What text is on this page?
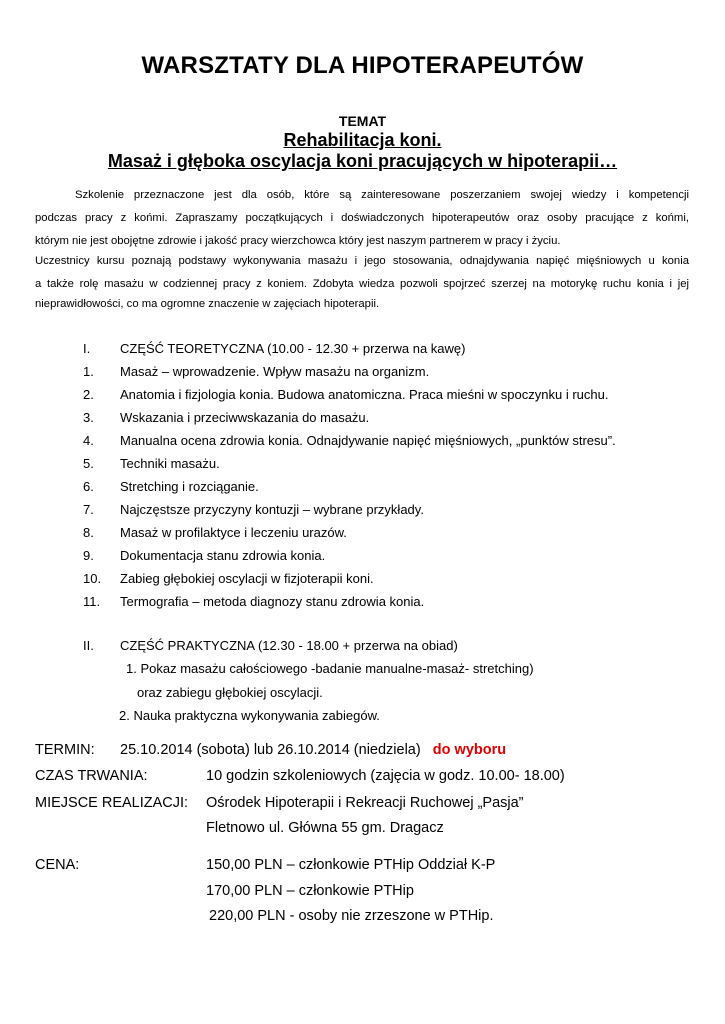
WARSZTATY DLA HIPOTERAPEUTÓW
TEMAT
Rehabilitacja koni.
Masaż i głęboka oscylacja koni pracujących w hipoterapii…
Szkolenie przeznaczone jest dla osób, które są zainteresowane poszerzaniem swojej wiedzy i kompetencji
podczas pracy z końmi. Zapraszamy początkujących i doświadczonych hipoterapeutów oraz osoby pracujące z końmi,
którym nie jest obojętne zdrowie i jakość pracy wierzchowca który jest naszym partnerem w pracy i życiu.
Uczestnicy kursu poznają podstawy wykonywania masażu i jego stosowania, odnajdywania napięć mięśniowych u konia
a także rolę masażu w codziennej pracy z koniem. Zdobyta wiedza pozwoli spojrzeć szerzej na motorykę ruchu konia i jej
nieprawidłowości, co ma ogromne znaczenie w zajęciach hipoterapii.
I. CZĘŚĆ TEORETYCZNA (10.00 - 12.30 + przerwa na kawę)
1. Masaż – wprowadzenie. Wpływ masażu na organizm.
2. Anatomia i fizjologia konia. Budowa anatomiczna. Praca mieśni w spoczynku i ruchu.
3. Wskazania i przeciwwskazania do masażu.
4. Manualna ocena zdrowia konia. Odnajdywanie napięć mięśniowych, „punktów stresu”.
5. Techniki masażu.
6. Stretching i rozciąganie.
7. Najczęstsze przyczyny kontuzji – wybrane przykłady.
8. Masaż w profilaktyce i leczeniu urazów.
9. Dokumentacja stanu zdrowia konia.
10. Zabieg głębokiej oscylacji w fizjoterapii koni.
11. Termografia – metoda diagnozy stanu zdrowia konia.
II. CZĘŚĆ PRAKTYCZNA (12.30 - 18.00 + przerwa na obiad)
1. Pokaz masażu całościowego -badanie manualne-masaż- stretching)
oraz zabiegu głębokiej oscylacji.
2. Nauka praktyczna wykonywania zabiegów.
TERMIN: 25.10.2014 (sobota) lub 26.10.2014 (niedziela) do wyboru
CZAS TRWANIA:	10 godzin szkoleniowych (zajęcia w godz. 10.00- 18.00)
MIEJSCE REALIZACJI: Ośrodek Hipoterapii i Rekreacji Ruchowej „Pasja”
Fletnowo ul. Główna 55 gm. Dragacz
CENA:	150,00 PLN – członkowie PTHip Oddział K-P
170,00 PLN – członkowie PTHip
220,00 PLN - osoby nie zrzeszone w PTHip.
